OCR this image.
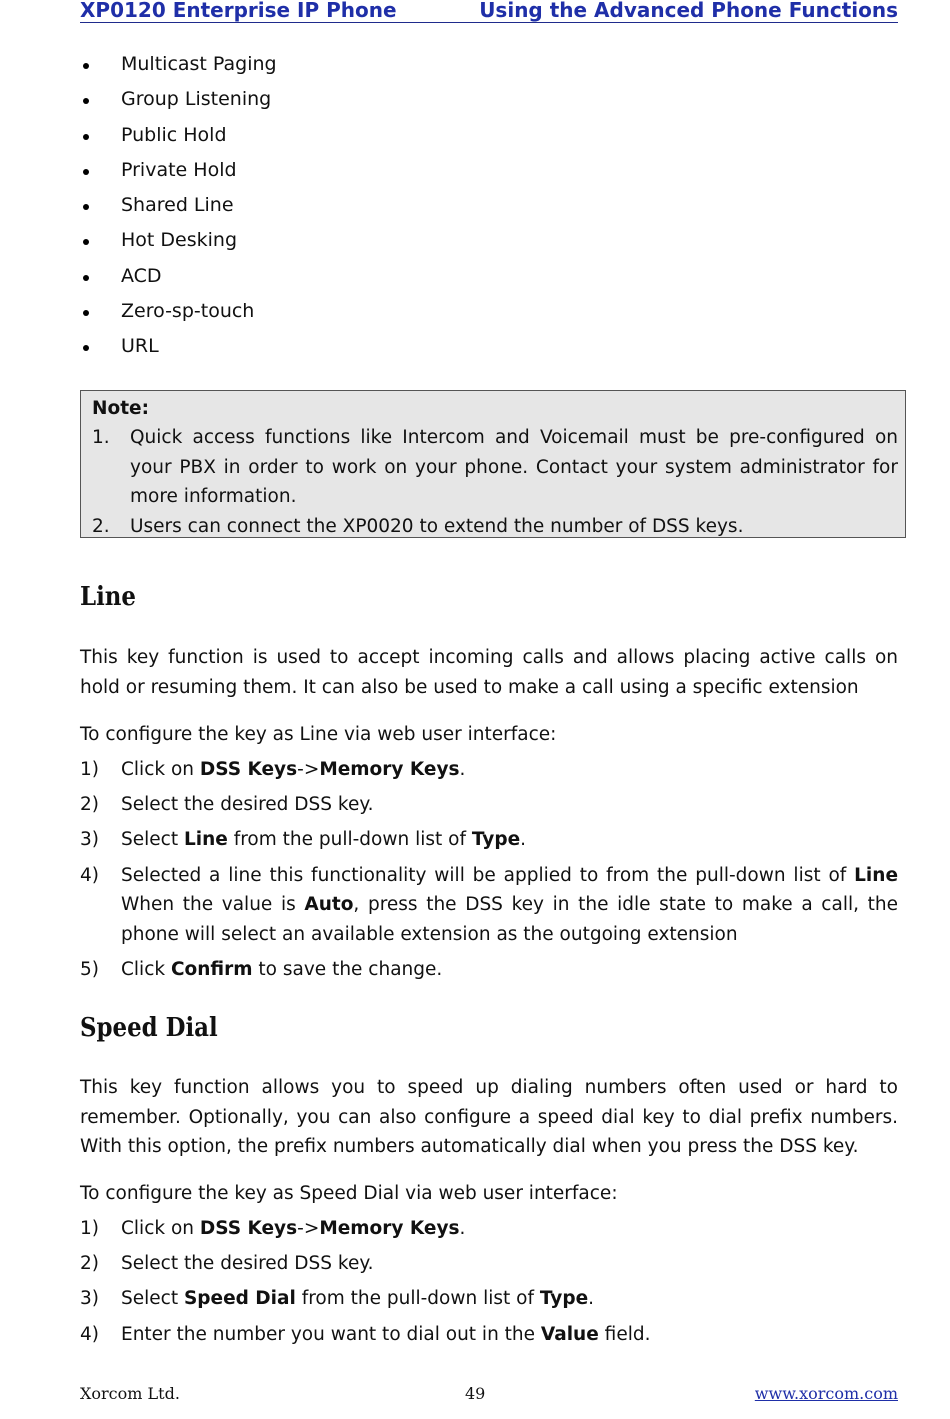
XP0120 Enterprise IP Phone	Using the Advanced Phone Functions
Multicast Paging
Group Listening
Public Hold
Private Hold
Shared Line
Hot Desking
ACD
Zero-sp-touch
URL
Note:
1. Quick access functions like Intercom and Voicemail must be pre-configured on your PBX in order to work on your phone. Contact your system administrator for more information.
2. Users can connect the XP0020 to extend the number of DSS keys.
Line

This key function is used to accept incoming calls and allows placing active calls on hold or resuming them. It can also be used to make a call using a specific extension

To configure the key as Line via web user interface:

1) Click on DSS Keys->Memory Keys.
2) Select the desired DSS key.
3) Select Line from the pull-down list of Type.
4) Selected a line this functionality will be applied to from the pull-down list of Line When the value is Auto, press the DSS key in the idle state to make a call, the phone will select an available extension as the outgoing extension
5) Click Confirm to save the change.
Speed Dial

This key function allows you to speed up dialing numbers often used or hard to remember. Optionally, you can also configure a speed dial key to dial prefix numbers. With this option, the prefix numbers automatically dial when you press the DSS key.

To configure the key as Speed Dial via web user interface:

1) Click on DSS Keys->Memory Keys.
2) Select the desired DSS key.
3) Select Speed Dial from the pull-down list of Type.
4) Enter the number you want to dial out in the Value field.
Xorcom Ltd.	49	www.xorcom.com
